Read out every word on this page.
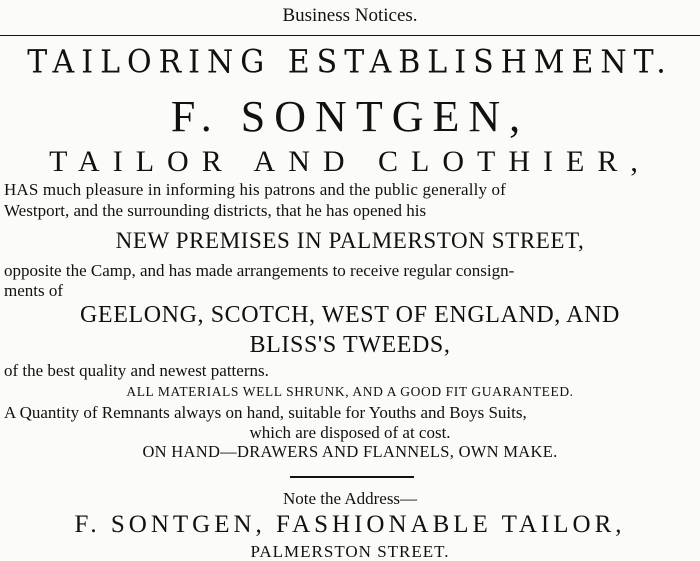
Business Notices.
TAILORING ESTABLISHMENT.
F. SONTGEN,
TAILOR AND CLOTHIER,
HAS much pleasure in informing his patrons and the public generally of
Westport, and the surrounding districts, that he has opened his
NEW PREMISES IN PALMERSTON STREET,
opposite the Camp, and has made arrangements to receive regular consign-
ments of
GEELONG, SCOTCH, WEST OF ENGLAND, AND
BLISS'S TWEEDS,
of the best quality and newest patterns.
ALL MATERIALS WELL SHRUNK, AND A GOOD FIT GUARANTEED.
A Quantity of Remnants always on hand, suitable for Youths and Boys Suits,
which are disposed of at cost.
ON HAND—DRAWERS AND FLANNELS, OWN MAKE.
Note the Address—
F. SONTGEN, FASHIONABLE TAILOR,
PALMERSTON STREET.
